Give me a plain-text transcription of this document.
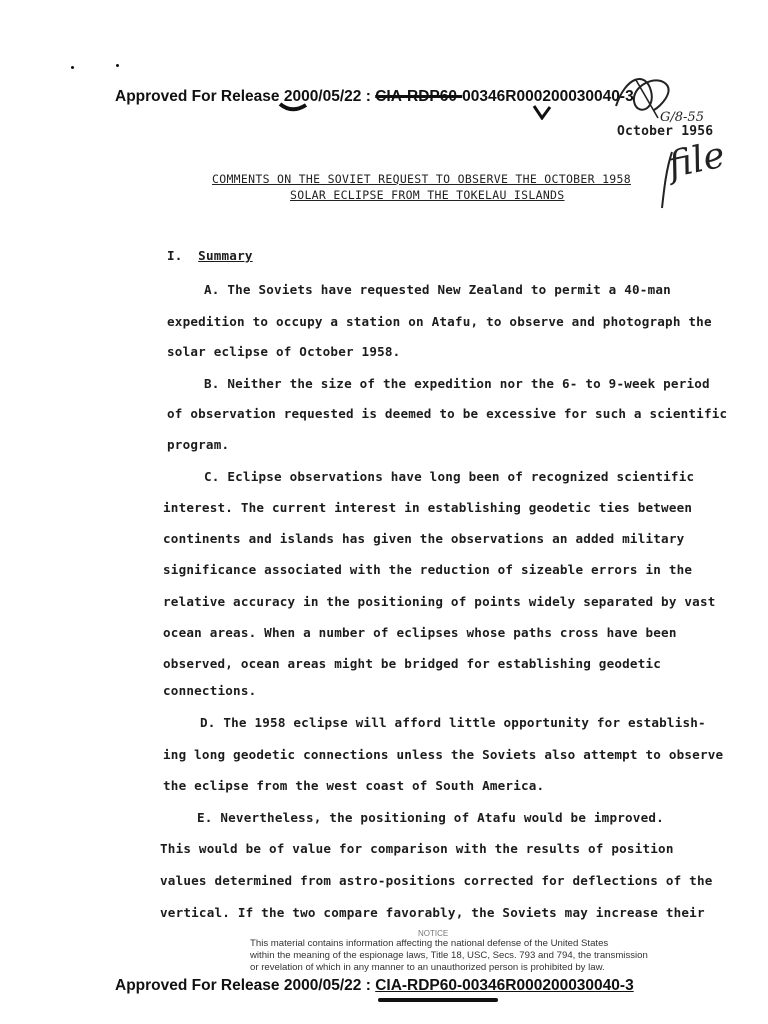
Approved For Release 2000/05/22 : CIA-RDP60-00346R000200030040-3
G/8-55
October 1956
file
COMMENTS ON THE SOVIET REQUEST TO OBSERVE THE OCTOBER 1958
SOLAR ECLIPSE FROM THE TOKELAU ISLANDS
I. Summary
A. The Soviets have requested New Zealand to permit a 40-man
expedition to occupy a station on Atafu, to observe and photograph the
solar eclipse of October 1958.
B. Neither the size of the expedition nor the 6- to 9-week period
of observation requested is deemed to be excessive for such a scientific
program.
C. Eclipse observations have long been of recognized scientific
interest. The current interest in establishing geodetic ties between
continents and islands has given the observations an added military
significance associated with the reduction of sizeable errors in the
relative accuracy in the positioning of points widely separated by vast
ocean areas. When a number of eclipses whose paths cross have been
observed, ocean areas might be bridged for establishing geodetic
connections.
D. The 1958 eclipse will afford little opportunity for establish-
ing long geodetic connections unless the Soviets also attempt to observe
the eclipse from the west coast of South America.
E. Nevertheless, the positioning of Atafu would be improved.
This would be of value for comparison with the results of position
values determined from astro-positions corrected for deflections of the
vertical. If the two compare favorably, the Soviets may increase their
NOTICE
This material contains information affecting the national defense of the United States
within the meaning of the espionage laws, Title 18, USC, Secs. 793 and 794, the transmission
or revelation of which in any manner to an unauthorized person is prohibited by law.
Approved For Release 2000/05/22 : CIA-RDP60-00346R000200030040-3
